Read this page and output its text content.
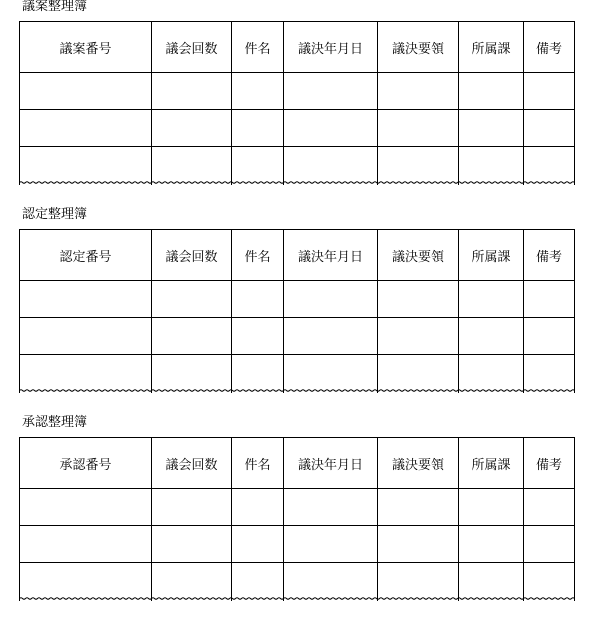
議案整理簿
議案番号	議会回数	件名	議決年月日	議決要領	所属課	備考

認定整理簿
認定番号	議会回数	件名	議決年月日	議決要領	所属課	備考

承認整理簿
承認番号	議会回数	件名	議決年月日	議決要領	所属課	備考
